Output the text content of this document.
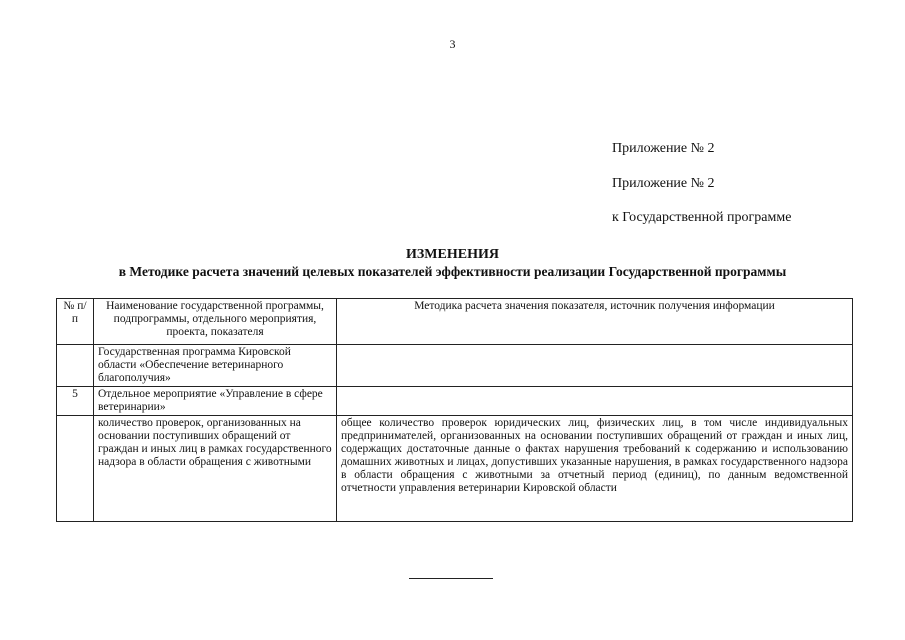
3
Приложение № 2
Приложение № 2
к Государственной программе
ИЗМЕНЕНИЯ
в Методике расчета значений целевых показателей эффективности реализации Государственной программы
№ п/п	Наименование государственной программы, подпрограммы, отдельного мероприятия, проекта, показателя	Методика расчета значения показателя, источник получения информации
	Государственная программа Кировской области «Обеспечение ветеринарного благополучия»	
5	Отдельное мероприятие «Управление в сфере ветеринарии»	
	количество проверок, организованных на основании поступивших обращений от граждан и иных лиц в рамках государственного надзора в области обращения с животными	общее количество проверок юридических лиц, физических лиц, в том числе индивидуальных предпринимателей, организованных на основании поступивших обращений от граждан и иных лиц, содержащих достаточные данные о фактах нарушения требований к содержанию и использованию домашних животных и лицах, допустивших указанные нарушения, в рамках государственного надзора в области обращения с животными за отчетный период (единиц), по данным ведомственной отчетности управления ветеринарии Кировской области
